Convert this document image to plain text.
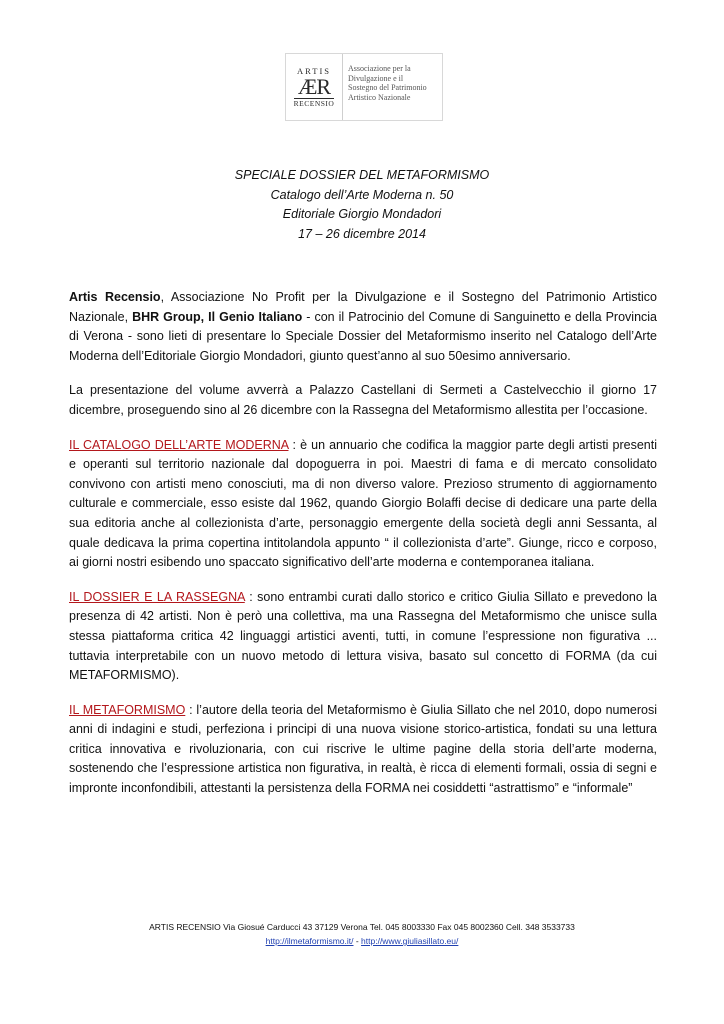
ARTIS
ÆR
RECENSIO
Associazione per la
Divulgazione e il
Sostegno del Patrimonio
Artistico Nazionale
SPECIALE DOSSIER DEL METAFORMISMO
Catalogo dell’Arte Moderna n. 50
Editoriale Giorgio Mondadori
17 – 26 dicembre 2014

Artis Recensio, Associazione No Profit per la Divulgazione e il Sostegno del Patrimonio Artistico Nazionale, BHR Group, Il Genio Italiano - con il Patrocinio del Comune di Sanguinetto e della Provincia di Verona - sono lieti di presentare lo Speciale Dossier del Metaformismo inserito nel Catalogo dell’Arte Moderna dell’Editoriale Giorgio Mondadori, giunto quest’anno al suo 50esimo anniversario.

La presentazione del volume avverrà a Palazzo Castellani di Sermeti a Castelvecchio il giorno 17 dicembre, proseguendo sino al 26 dicembre con la Rassegna del Metaformismo allestita per l’occasione.

IL CATALOGO DELL’ARTE MODERNA : è un annuario che codifica la maggior parte degli artisti presenti e operanti sul territorio nazionale dal dopoguerra in poi. Maestri di fama e di mercato consolidato convivono con artisti meno conosciuti, ma di non diverso valore. Prezioso strumento di aggiornamento culturale e commerciale, esso esiste dal 1962, quando Giorgio Bolaffi decise di dedicare una parte della sua editoria anche al collezionista d’arte, personaggio emergente della società degli anni Sessanta, al quale dedicava la prima copertina intitolandola appunto “ il collezionista d’arte”. Giunge, ricco e corposo, ai giorni nostri esibendo uno spaccato significativo dell’arte moderna e contemporanea italiana.

IL DOSSIER E LA RASSEGNA : sono entrambi curati dallo storico e critico Giulia Sillato e prevedono la presenza di 42 artisti. Non è però una collettiva, ma una Rassegna del Metaformismo che unisce sulla stessa piattaforma critica 42 linguaggi artistici aventi, tutti, in comune l’espressione non figurativa ... tuttavia interpretabile con un nuovo metodo di lettura visiva, basato sul concetto di FORMA (da cui METAFORMISMO).

IL METAFORMISMO : l’autore della teoria del Metaformismo è Giulia Sillato che nel 2010, dopo numerosi anni di indagini e studi, perfeziona i principi di una nuova visione storico-artistica, fondati su una lettura critica innovativa e rivoluzionaria, con cui riscrive le ultime pagine della storia dell’arte moderna, sostenendo che l’espressione artistica non figurativa, in realtà, è ricca di elementi formali, ossia di segni e impronte inconfondibili, attestanti la persistenza della FORMA nei cosiddetti “astrattismo” e “informale”

ARTIS RECENSIO Via Giosué Carducci 43 37129 Verona Tel. 045 8003330 Fax 045 8002360 Cell. 348 3533733
http://ilmetaformismo.it/ - http://www.giuliasillato.eu/
